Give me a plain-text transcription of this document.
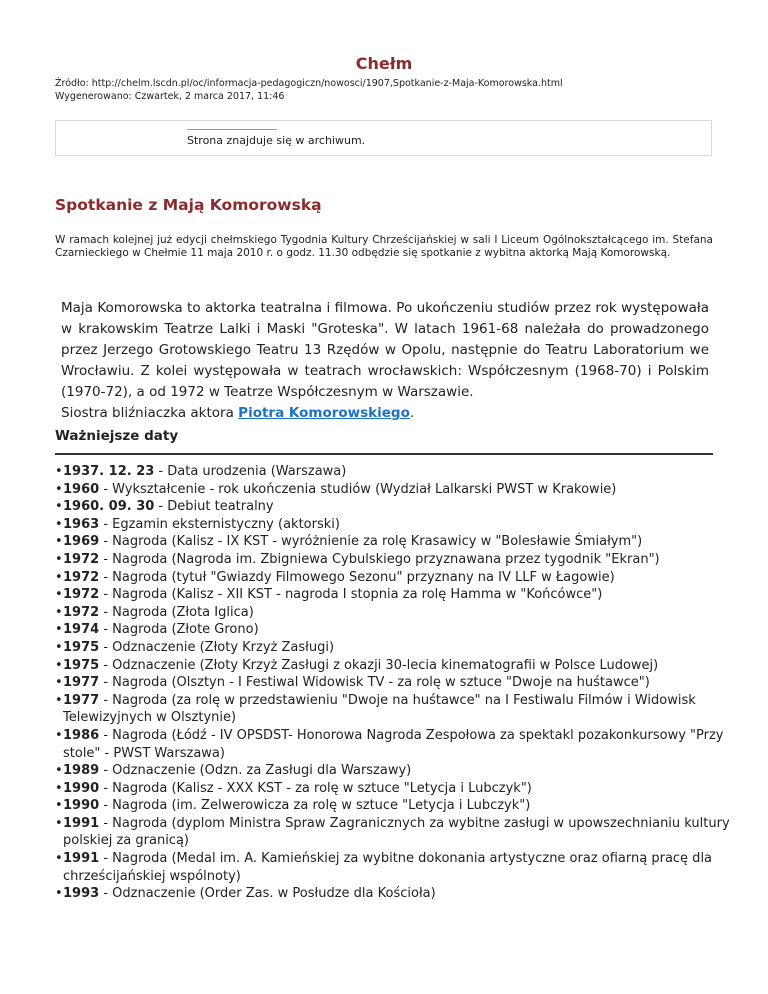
Chełm
Źródło: http://chelm.lscdn.pl/oc/informacja-pedagogiczn/nowosci/1907,Spotkanie-z-Maja-Komorowska.html
Wygenerowano: Czwartek, 2 marca 2017, 11:46
Strona znajduje się w archiwum.
Spotkanie z Mają Komorowską

W ramach kolejnej już edycji chełmskiego Tygodnia Kultury Chrześcijańskiej w sali I Liceum Ogólnokształcącego im. Stefana Czarnieckiego w Chełmie 11 maja 2010 r. o godz. 11.30 odbędzie się spotkanie z wybitna aktorką Mają Komorowską.

Maja Komorowska to aktorka teatralna i filmowa. Po ukończeniu studiów przez rok występowała w krakowskim Teatrze Lalki i Maski "Groteska". W latach 1961-68 należała do prowadzonego przez Jerzego Grotowskiego Teatru 13 Rzędów w Opolu, następnie do Teatru Laboratorium we Wrocławiu. Z kolei występowała w teatrach wrocławskich: Współczesnym (1968-70) i Polskim (1970-72), a od 1972 w Teatrze Współczesnym w Warszawie.
Siostra bliźniaczka aktora Piotra Komorowskiego.

Ważniejsze daty
• 1937. 12. 23 - Data urodzenia (Warszawa)
• 1960 - Wykształcenie - rok ukończenia studiów (Wydział Lalkarski PWST w Krakowie)
• 1960. 09. 30 - Debiut teatralny
• 1963 - Egzamin eksternistyczny (aktorski)
• 1969 - Nagroda (Kalisz - IX KST - wyróżnienie za rolę Krasawicy w "Bolesławie Śmiałym")
• 1972 - Nagroda (Nagroda im. Zbigniewa Cybulskiego przyznawana przez tygodnik "Ekran")
• 1972 - Nagroda (tytuł "Gwiazdy Filmowego Sezonu" przyznany na IV LLF w Łagowie)
• 1972 - Nagroda (Kalisz - XII KST - nagroda I stopnia za rolę Hamma w "Końcówce")
• 1972 - Nagroda (Złota Iglica)
• 1974 - Nagroda (Złote Grono)
• 1975 - Odznaczenie (Złoty Krzyż Zasługi)
• 1975 - Odznaczenie (Złoty Krzyż Zasługi z okazji 30-lecia kinematografii w Polsce Ludowej)
• 1977 - Nagroda (Olsztyn - I Festiwal Widowisk TV - za rolę w sztuce "Dwoje na huśtawce")
• 1977 - Nagroda (za rolę w przedstawieniu "Dwoje na huśtawce" na I Festiwalu Filmów i Widowisk Telewizyjnych w Olsztynie)
• 1986 - Nagroda (Łódź - IV OPSDST- Honorowa Nagroda Zespołowa za spektakl pozakonkursowy "Przy stole" - PWST Warszawa)
• 1989 - Odznaczenie (Odzn. za Zasługi dla Warszawy)
• 1990 - Nagroda (Kalisz - XXX KST - za rolę w sztuce "Letycja i Lubczyk")
• 1990 - Nagroda (im. Zelwerowicza za rolę w sztuce "Letycja i Lubczyk")
• 1991 - Nagroda (dyplom Ministra Spraw Zagranicznych za wybitne zasługi w upowszechnianiu kultury polskiej za granicą)
• 1991 - Nagroda (Medal im. A. Kamieńskiej za wybitne dokonania artystyczne oraz ofiarną pracę dla chrześcijańskiej wspólnoty)
• 1993 - Odznaczenie (Order Zas. w Posłudze dla Kościoła)
